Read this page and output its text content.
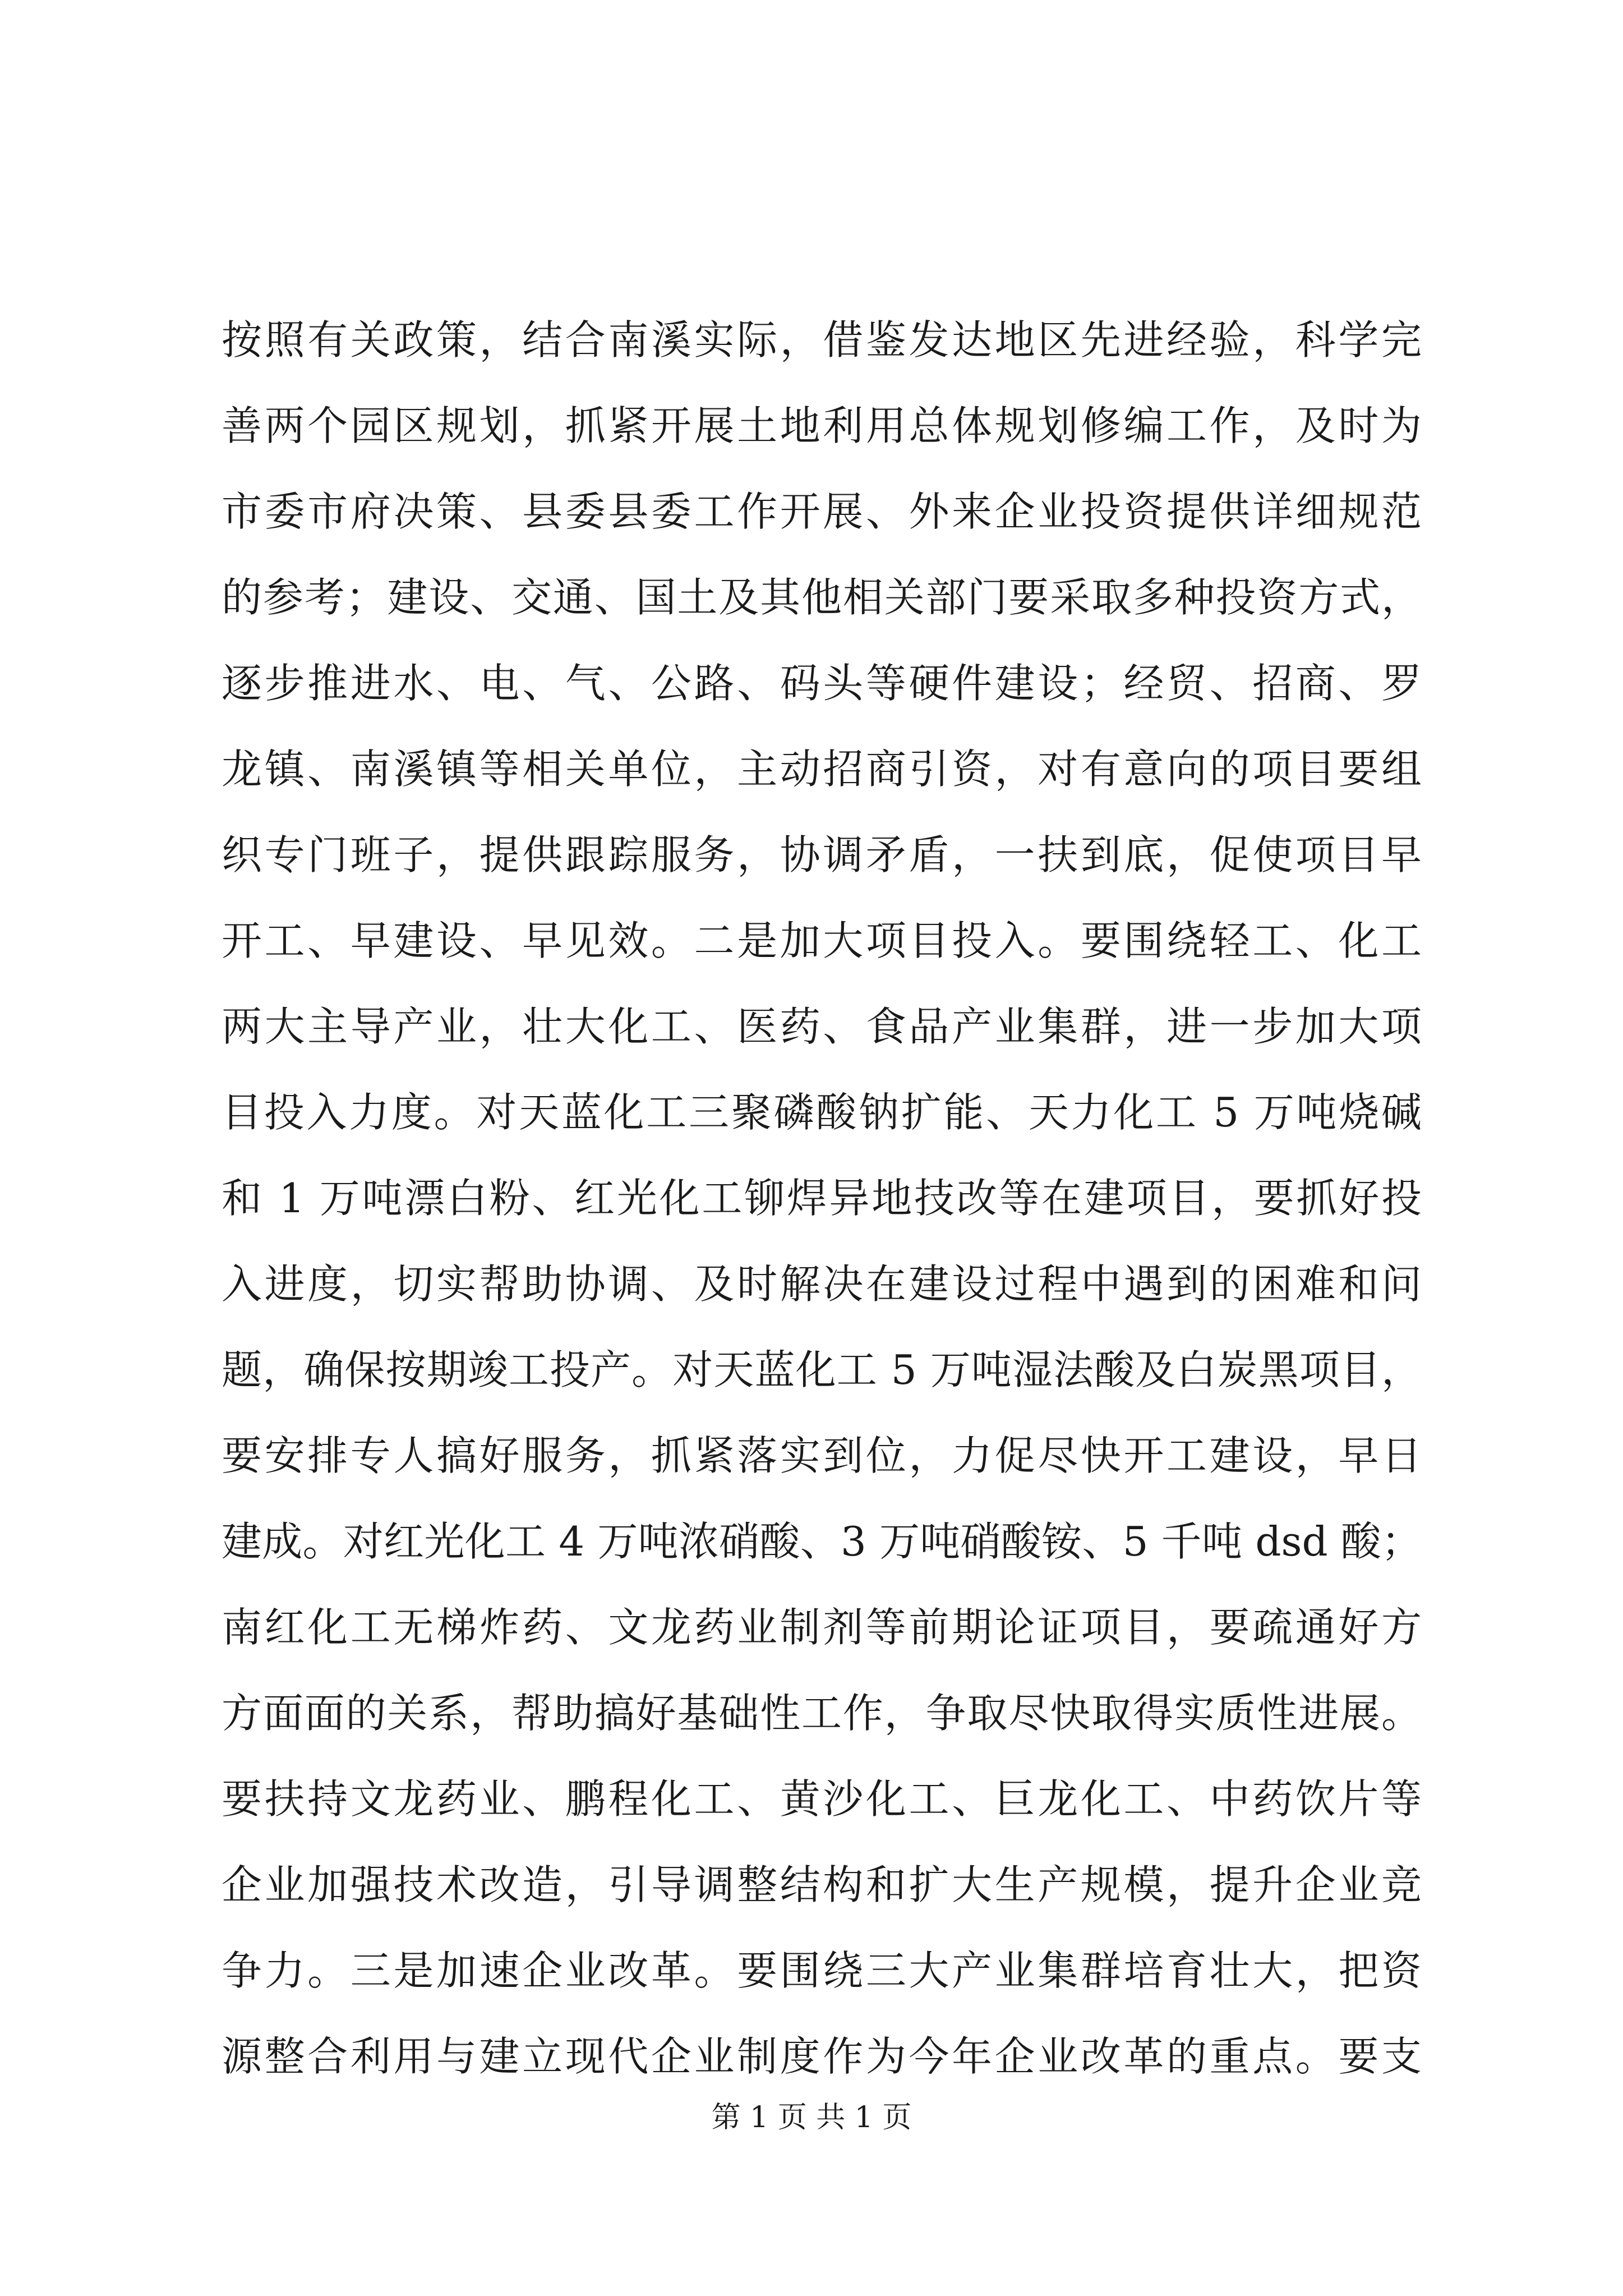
按照有关政策，结合南溪实际，借鉴发达地区先进经验，科学完
善两个园区规划，抓紧开展土地利用总体规划修编工作，及时为
市委市府决策、县委县委工作开展、外来企业投资提供详细规范
的参考；建设、交通、国土及其他相关部门要采取多种投资方式，
逐步推进水、电、气、公路、码头等硬件建设；经贸、招商、罗
龙镇、南溪镇等相关单位，主动招商引资，对有意向的项目要组
织专门班子，提供跟踪服务，协调矛盾，一扶到底，促使项目早
开工、早建设、早见效。二是加大项目投入。要围绕轻工、化工
两大主导产业，壮大化工、医药、食品产业集群，进一步加大项
目投入力度。对天蓝化工三聚磷酸钠扩能、天力化工 5 万吨烧碱
和 1 万吨漂白粉、红光化工铆焊异地技改等在建项目，要抓好投
入进度，切实帮助协调、及时解决在建设过程中遇到的困难和问
题，确保按期竣工投产。对天蓝化工 5 万吨湿法酸及白炭黑项目，
要安排专人搞好服务，抓紧落实到位，力促尽快开工建设，早日
建成。对红光化工 4 万吨浓硝酸、3 万吨硝酸铵、5 千吨 dsd 酸；
南红化工无梯炸药、文龙药业制剂等前期论证项目，要疏通好方
方面面的关系，帮助搞好基础性工作，争取尽快取得实质性进展。
要扶持文龙药业、鹏程化工、黄沙化工、巨龙化工、中药饮片等
企业加强技术改造，引导调整结构和扩大生产规模，提升企业竞
争力。三是加速企业改革。要围绕三大产业集群培育壮大，把资
源整合利用与建立现代企业制度作为今年企业改革的重点。要支
第 1 页 共 1 页
